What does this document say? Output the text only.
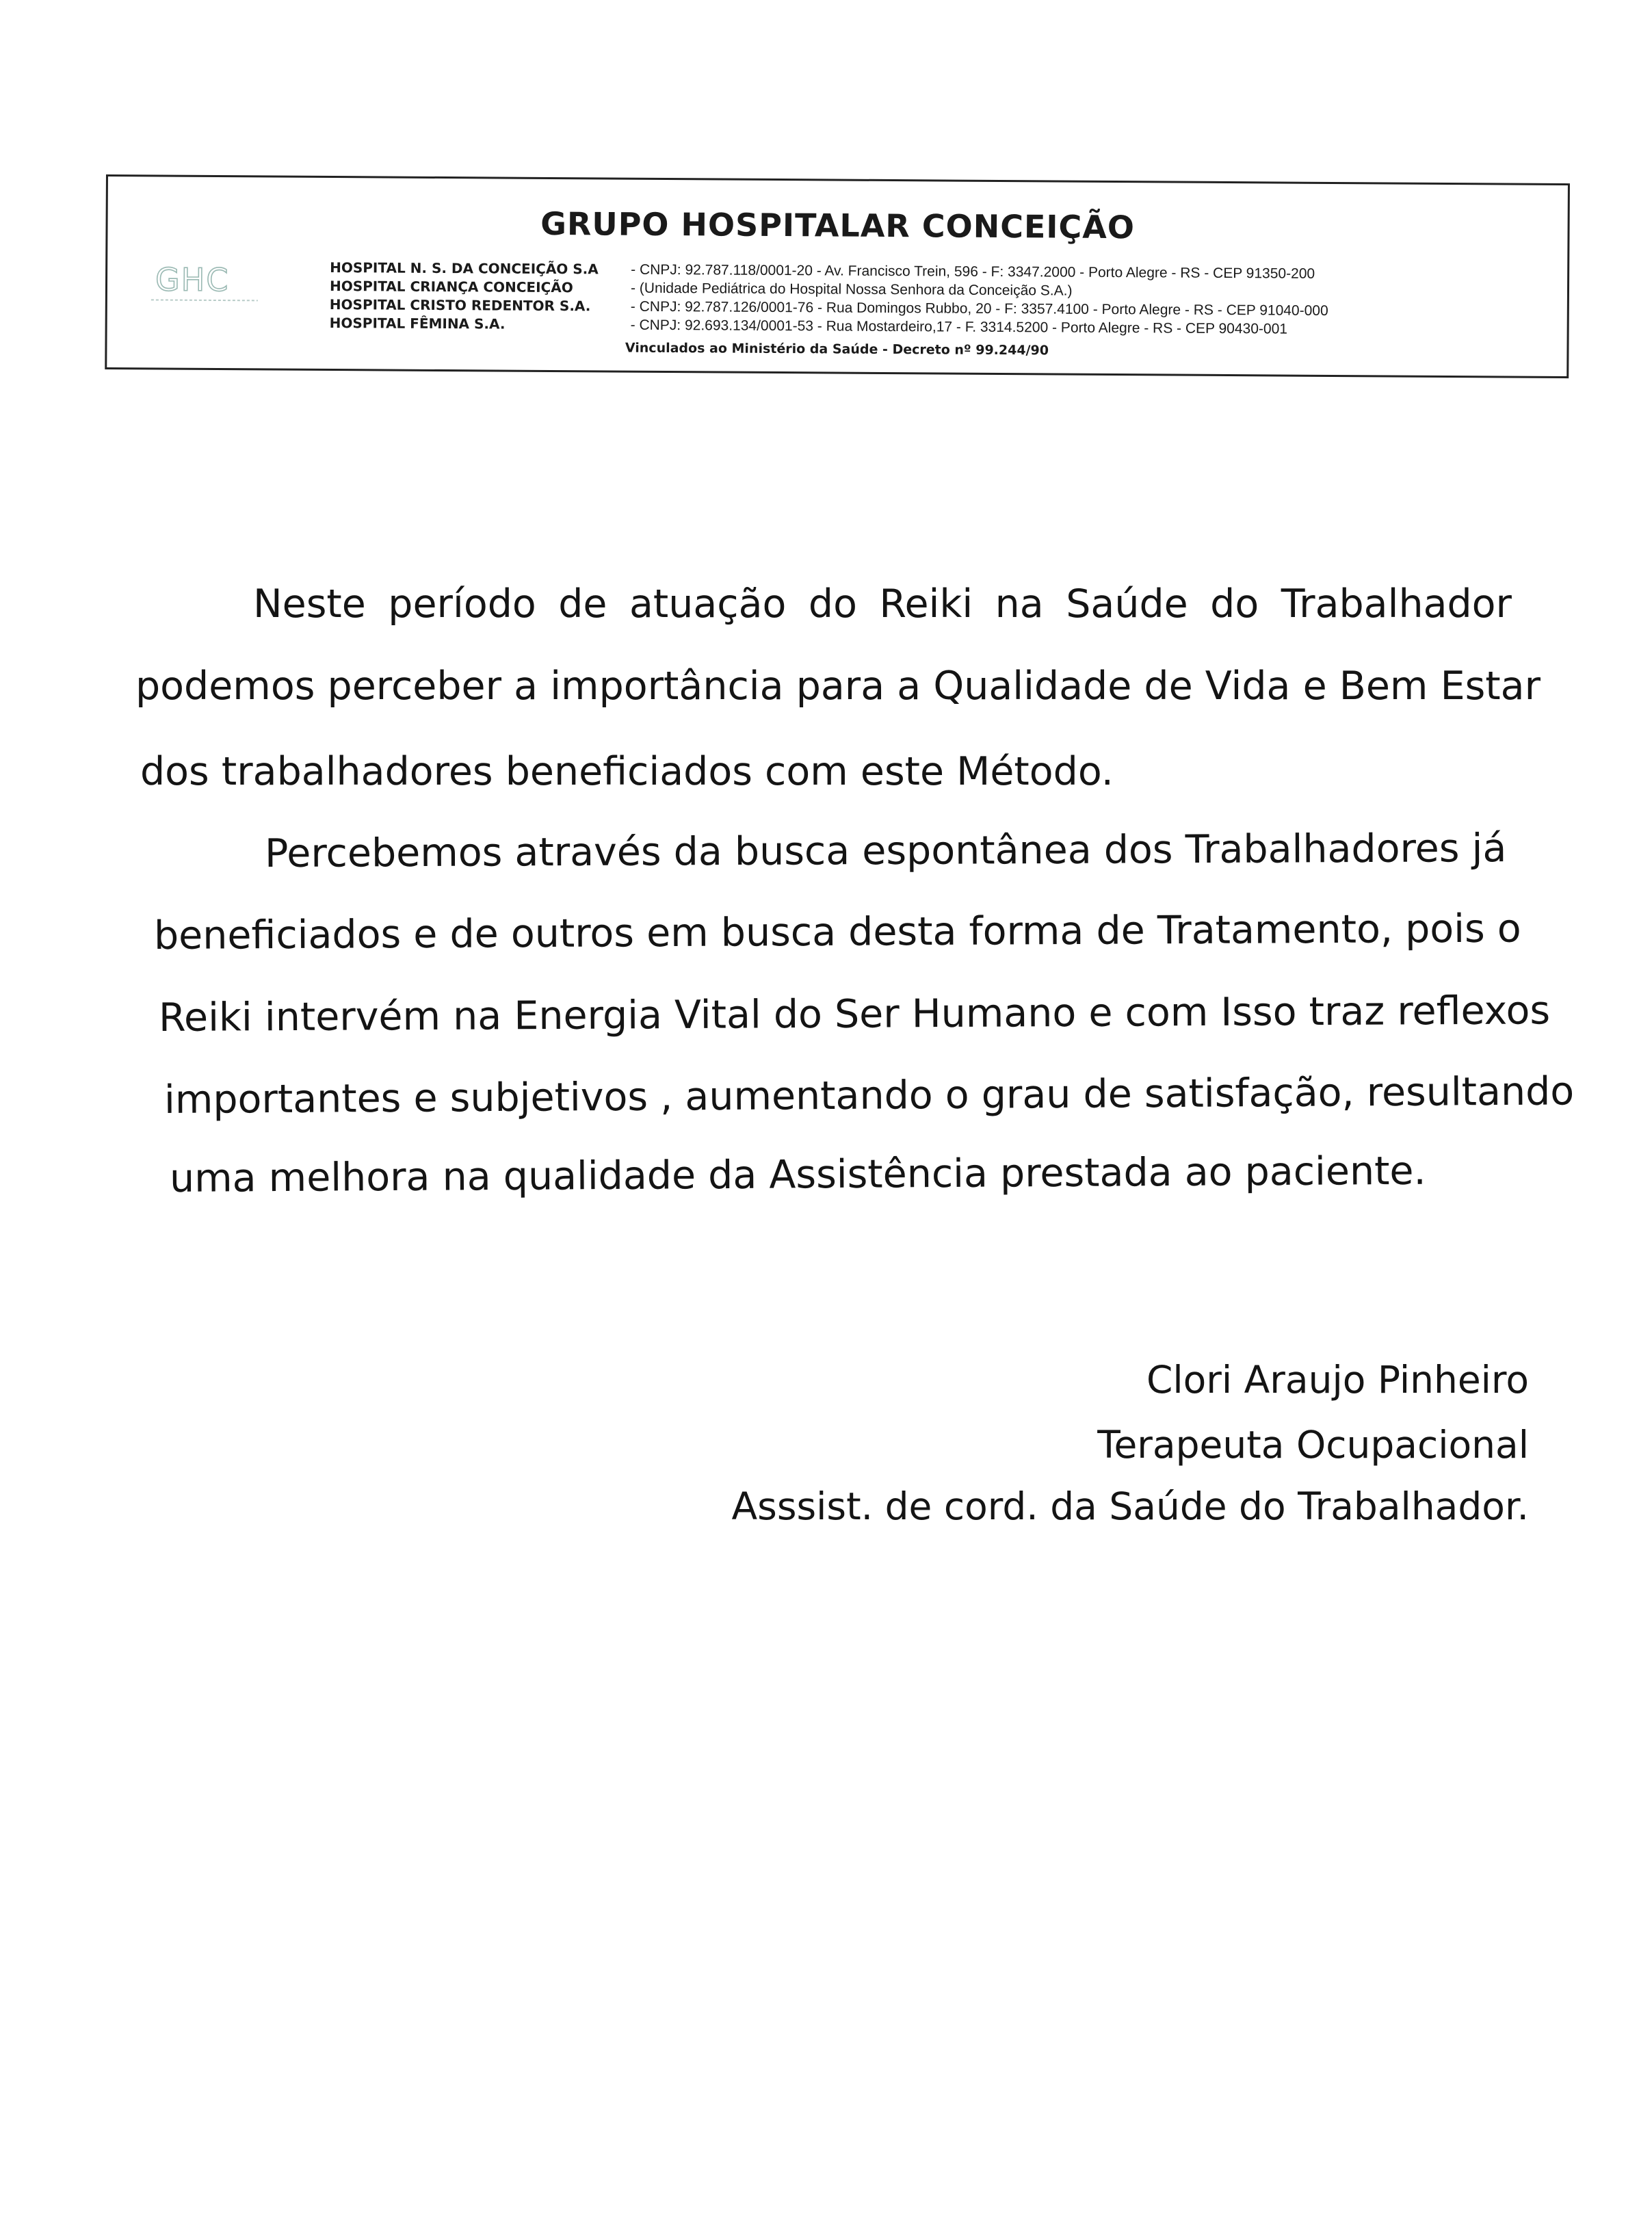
GRUPO HOSPITALAR CONCEIÇÃO
GHC	HOSPITAL N. S. DA CONCEIÇÃO S.A
HOSPITAL CRIANÇA CONCEIÇÃO
HOSPITAL CRISTO REDENTOR S.A.
HOSPITAL FÊMINA S.A.
- CNPJ: 92.787.118/0001-20 - Av. Francisco Trein, 596 - F: 3347.2000 - Porto Alegre - RS - CEP 91350-200
- (Unidade Pediátrica do Hospital Nossa Senhora da Conceição S.A.)
- CNPJ: 92.787.126/0001-76 - Rua Domingos Rubbo, 20 - F: 3357.4100 - Porto Alegre - RS - CEP 91040-000
- CNPJ: 92.693.134/0001-53 - Rua Mostardeiro,17 - F. 3314.5200 - Porto Alegre - RS - CEP 90430-001
Vinculados ao Ministério da Saúde - Decreto nº 99.244/90
Neste período de atuação do Reiki na Saúde do Trabalhador
podemos perceber a importância para a Qualidade de Vida e Bem Estar
dos trabalhadores beneficiados com este Método.
Percebemos através da busca espontânea dos Trabalhadores já
beneficiados e de outros em busca desta forma de Tratamento, pois o
Reiki intervém na Energia Vital do Ser Humano e com Isso traz reflexos
importantes e subjetivos , aumentando o grau de satisfação, resultando
uma melhora na qualidade da Assistência prestada ao paciente.
Clori Araujo Pinheiro
Terapeuta Ocupacional
Asssist. de cord. da Saúde do Trabalhador.
